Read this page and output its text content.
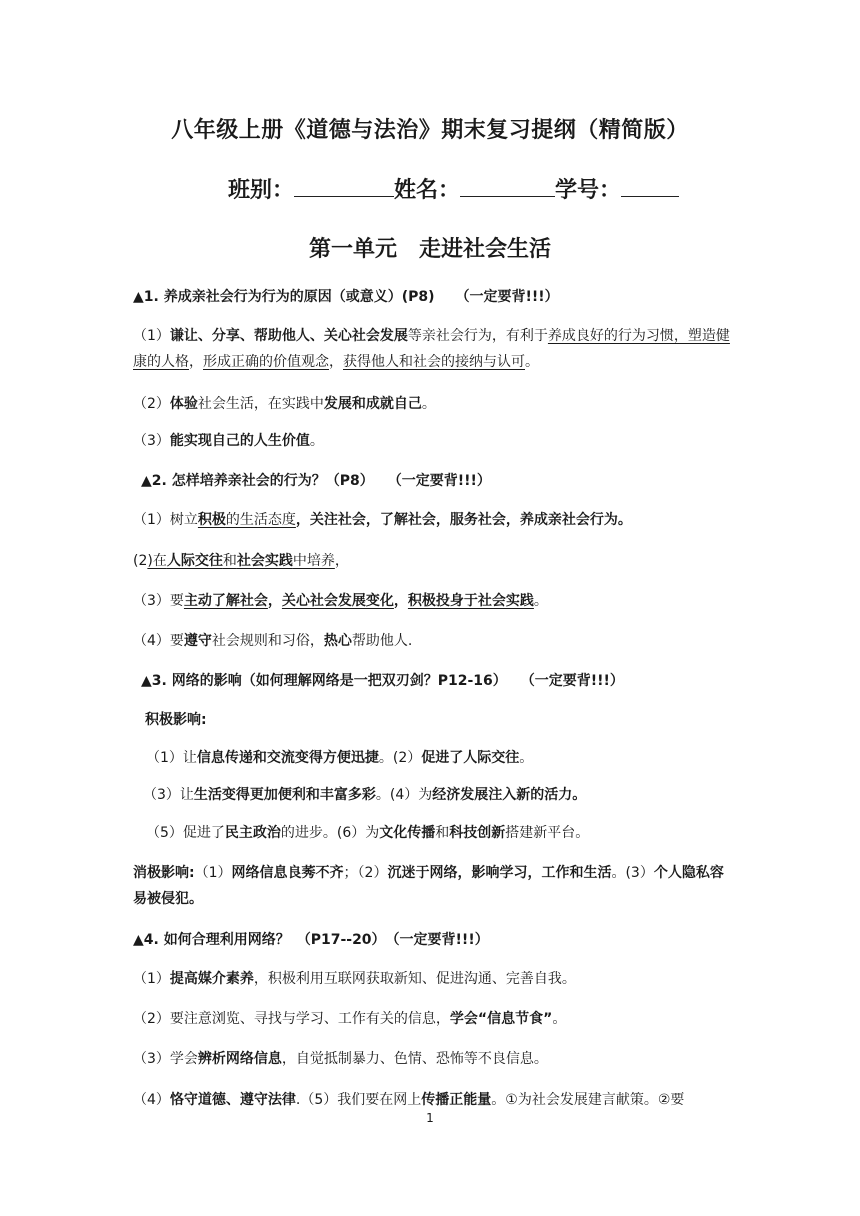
八年级上册《道德与法治》期末复习提纲（精简版）
班别：	姓名：	学号：
第一单元　走进社会生活
▲1. 养成亲社会行为行为的原因（或意义）(P8)　　（一定要背!!!）
（1）谦让、分享、帮助他人、关心社会发展等亲社会行为，有利于养成良好的行为习惯，塑造健康的人格，形成正确的价值观念，获得他人和社会的接纳与认可。
（2）体验社会生活，在实践中发展和成就自己。
（3）能实现自己的人生价值。
▲2. 怎样培养亲社会的行为？（P8）　　（一定要背!!!）
（1）树立积极的生活态度，关注社会，了解社会，服务社会，养成亲社会行为。
(2)在人际交往和社会实践中培养，
（3）要主动了解社会，关心社会发展变化，积极投身于社会实践。
（4）要遵守社会规则和习俗，热心帮助他人.
▲3. 网络的影响（如何理解网络是一把双刃剑？P12-16）　　（一定要背!!!）
积极影响:
（1）让信息传递和交流变得方便迅捷。(2）促进了人际交往。
（3）让生活变得更加便利和丰富多彩。(4）为经济发展注入新的活力。
（5）促进了民主政治的进步。(6）为文化传播和科技创新搭建新平台。
消极影响:（1）网络信息良莠不齐；（2）沉迷于网络，影响学习，工作和生活。(3）个人隐私容易被侵犯。
▲4. 如何合理利用网络？　（P17--20）　（一定要背!!!）
（1）提高媒介素养，积极利用互联网获取新知、促进沟通、完善自我。
（2）要注意浏览、寻找与学习、工作有关的信息，学会“信息节食”。
（3）学会辨析网络信息，自觉抵制暴力、色情、恐怖等不良信息。
（4）恪守道德、遵守法律.（5）我们要在网上传播正能量。①为社会发展建言献策。②要
1
